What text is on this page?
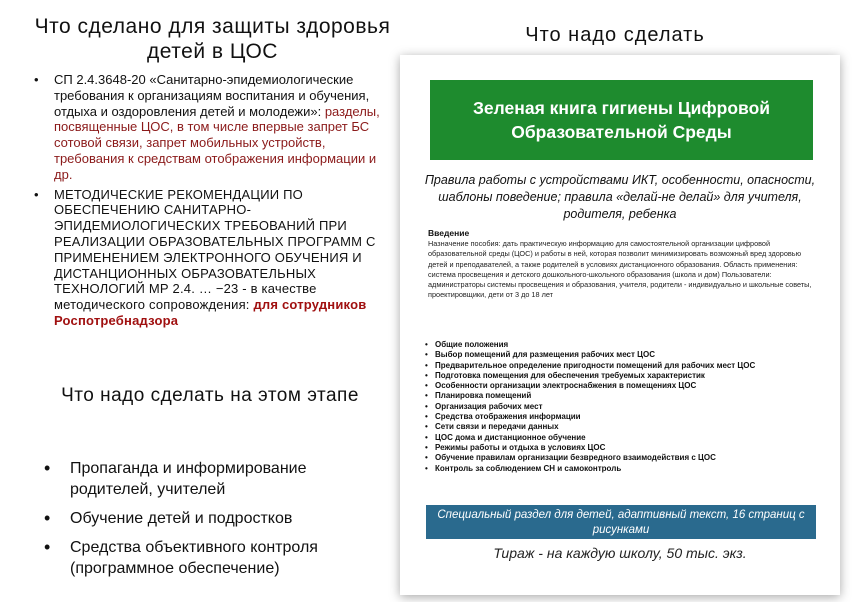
Что сделано для защиты здоровья детей в ЦОС
• СП 2.4.3648-20 «Санитарно-эпидемиологические требования к организациям воспитания и обучения, отдыха и оздоровления детей и молодежи»: разделы, посвященные ЦОС, в том числе впервые запрет БС сотовой связи, запрет мобильных устройств, требования к средствам отображения информации и др.
• МЕТОДИЧЕСКИЕ РЕКОМЕНДАЦИИ ПО ОБЕСПЕЧЕНИЮ САНИТАРНО-ЭПИДЕМИОЛОГИЧЕСКИХ ТРЕБОВАНИЙ ПРИ РЕАЛИЗАЦИИ ОБРАЗОВАТЕЛЬНЫХ ПРОГРАММ С ПРИМЕНЕНИЕМ ЭЛЕКТРОННОГО ОБУЧЕНИЯ И ДИСТАНЦИОННЫХ ОБРАЗОВАТЕЛЬНЫХ ТЕХНОЛОГИЙ МР 2.4. … −23 - в качестве методического сопровождения: для сотрудников Роспотребнадзора
Что надо сделать на этом этапе
• Пропаганда и информирование родителей, учителей
• Обучение детей и подростков
• Средства объективного контроля (программное обеспечение)
Что надо сделать
Зеленая книга гигиены Цифровой Образовательной Среды
Правила работы с устройствами ИКТ, особенности, опасности, шаблоны поведение; правила «делай-не делай» для учителя, родителя, ребенка
Введение
Назначение пособия: дать практическую информацию для самостоятельной организации цифровой образовательной среды (ЦОС) и работы в ней, которая позволит минимизировать возможный вред здоровью детей и преподавателей, а также родителей в условиях дистанционного образования. Область применения: система просвещения и детского дошкольного-школьного образования (школа и дом) Пользователи: администраторы системы просвещения и образования, учителя, родители - индивидуально и школьные советы, проектировщики, дети от 3 до 18 лет
• Общие положения
• Выбор помещений для размещения рабочих мест ЦОС
• Предварительное определение пригодности помещений для рабочих мест ЦОС
• Подготовка помещения для обеспечения требуемых характеристик
• Особенности организации электроснабжения в помещениях ЦОС
• Планировка помещений
• Организация рабочих мест
• Средства отображения информации
• Сети связи и передачи данных
• ЦОС дома и дистанционное обучение
• Режимы работы и отдыха в условиях ЦОС
• Обучение правилам организации безвредного взаимодействия с ЦОС
• Контроль за соблюдением СН и самоконтроль
Специальный раздел для детей, адаптивный текст, 16 страниц с рисунками
Тираж - на каждую школу, 50 тыс. экз.
